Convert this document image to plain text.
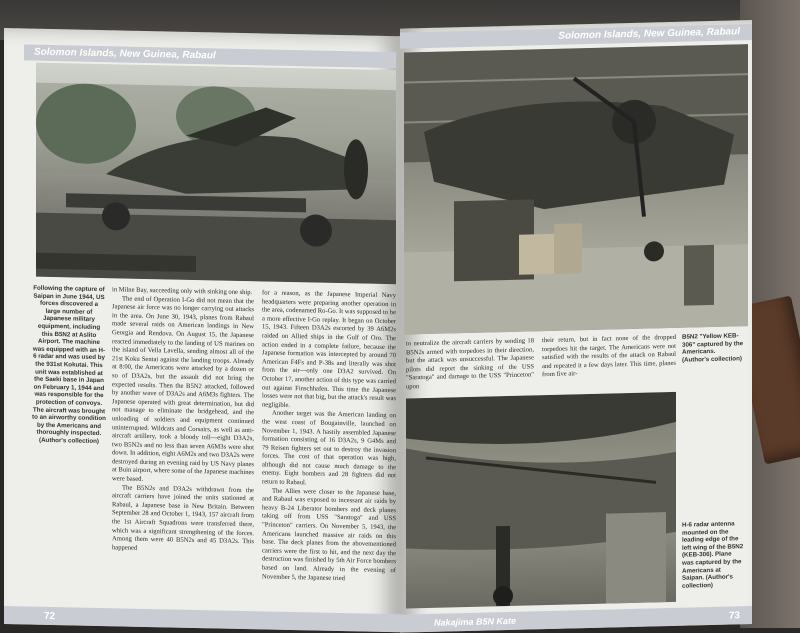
Solomon Islands, New Guinea, Rabaul
Following the capture of Saipan in June 1944, US forces discovered a large number of Japanese military equipment, including this B5N2 at Aslito Airport. The machine was equipped with an H-6 radar and was used by the 931st Kokutai. This unit was established at the Saeki base in Japan on February 1, 1944 and was responsible for the protection of convoys. The aircraft was brought to an airworthy condition by the Americans and thoroughly inspected. (Author's collection)

in Milne Bay, succeeding only with sinking one ship.

The end of Operation I-Go did not mean that the Japanese air force was no longer carrying out attacks in the area. On June 30, 1943, planes from Rabaul made several raids on American landings in New Georgia and Rendova. On August 15, the Japanese reacted immediately to the landing of US marines on the island of Vella Lavella, sending almost all of the 21st Koku Sentai against the landing troops. Already at 8:00, the Americans were attacked by a dozen or so of D3A2s, but the assault did not bring the expected results. Then the B5N2 attacked, followed by another wave of D3A2s and A6M3s fighters. The Japanese operated with great determination, but did not manage to eliminate the bridgehead, and the unloading of soldiers and equipment continued uninterrupted. Wildcats and Corsairs, as well as anti-aircraft artillery, took a bloody toll—eight D3A2s, two B5N2s and no less than seven A6M3s were shot down. In addition, eight A6M2s and two D3A2s were destroyed during an evening raid by US Navy planes at Buin airport, where some of the Japanese machines were based.

The B5N2s and D3A2s withdrawn from the aircraft carriers have joined the units stationed at Rabaul, a Japanese base in New Britain. Between September 28 and October 1, 1943, 157 aircraft from the 1st Aircraft Squadrons were transferred there, which was a significant strengthening of the forces. Among them were 40 B5N2s and 45 D3A2s. This happened

for a reason, as the Japanese Imperial Navy headquarters were preparing another operation in the area, codenamed Ro-Go. It was supposed to be a more effective I-Go replay. It began on October 15, 1943. Fifteen D3A2s escorted by 39 A6M2s raided on Allied ships in the Gulf of Oro. The action ended in a complete failure, because the Japanese formation was intercepted by around 70 American F4Fs and P-38s and literally was shot from the air—only one D3A2 survived. On October 17, another action of this type was carried out against Finschhafen. This time the Japanese losses were not that big, but the attack's result was negligible.

Another target was the American landing on the west coast of Bougainville, launched on November 1, 1943. A hastily assembled Japanese formation consisting of 16 D3A2s, 9 G4Ms and 79 Reisen fighters set out to destroy the invasion forces. The cost of that operation was high, although did not cause much damage to the enemy. Eight bombers and 28 fighters did not return to Rabaul.

The Allies were closer to the Japanese base, and Rabaul was exposed to incessant air raids by heavy B-24 Liberator bombers and deck planes taking off from USS "Saratoga" and USS "Princeton" carriers. On November 5, 1943, the Americans launched massive air raids on this base. The deck planes from the abovementioned carriers were the first to hit, and the next day the destruction was finished by 5th Air Force bombers based on land. Already in the evening of November 5, the Japanese tried

72
Solomon Islands, New Guinea, Rabaul
B5N2 "Yellow KEB-306" captured by the Americans. (Author's collection)

to neutralize the aircraft carriers by sending 18 B5N2s armed with torpedoes in their direction, but the attack was unsuccessful. The Japanese pilots did report the sinking of the USS "Saratoga" and damage to the USS "Princeton" upon

their return, but in fact none of the dropped torpedoes hit the target. The Americans were not satisfied with the results of the attack on Rabaul and repeated it a few days later. This time, planes from five air-

H-6 radar antenna mounted on the leading edge of the left wing of the B5N2 (KEB-306). Plane was captured by the Americans at Saipan. (Author's collection)
Nakajima B5N Kate	73
